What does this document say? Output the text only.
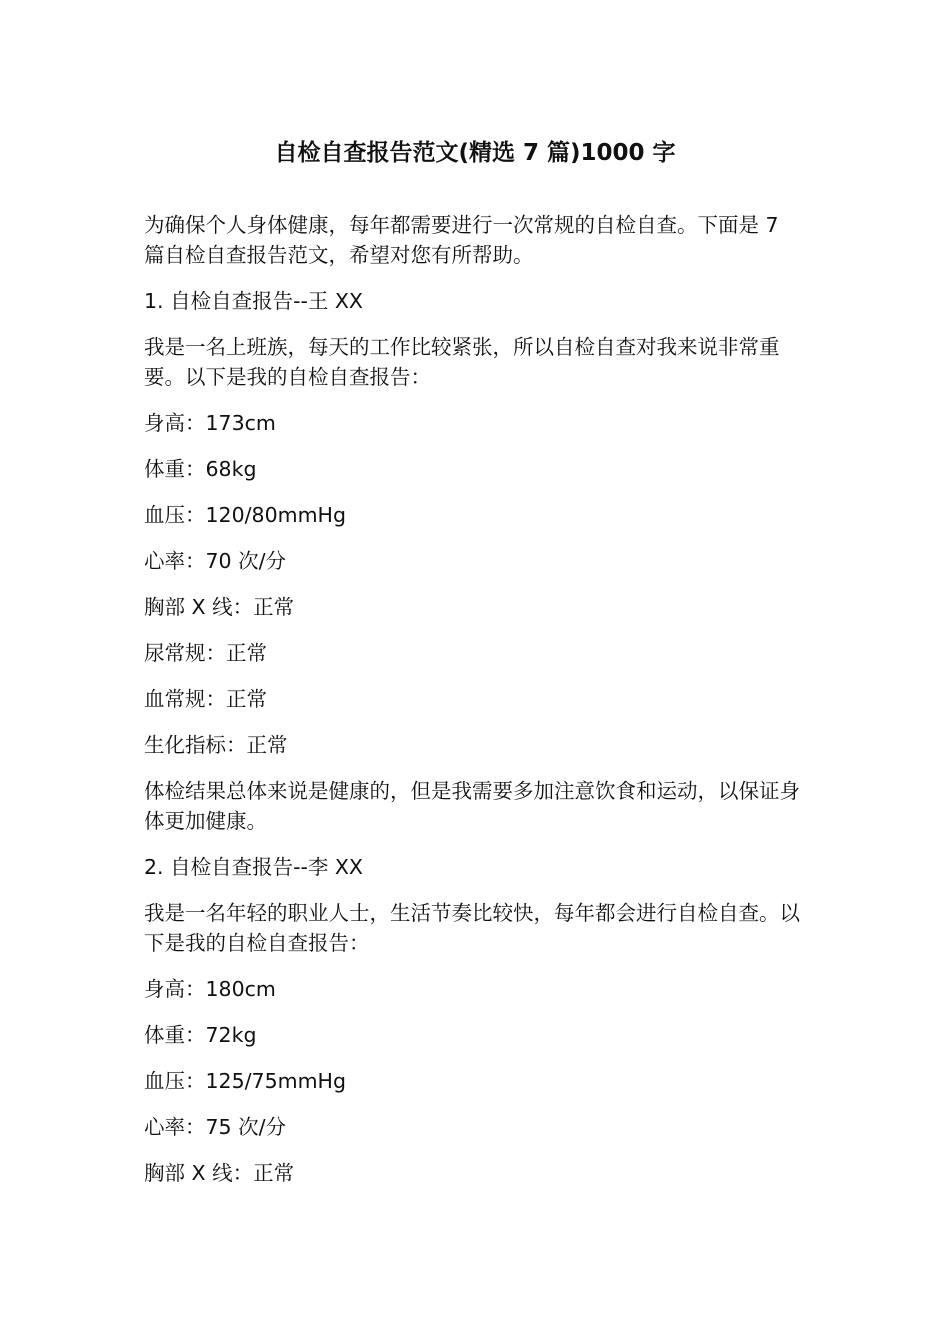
自检自查报告范文(精选 7 篇)1000 字

为确保个人身体健康，每年都需要进行一次常规的自检自查。下面是 7 篇自检自查报告范文，希望对您有所帮助。

1. 自检自查报告--王 XX

我是一名上班族，每天的工作比较紧张，所以自检自查对我来说非常重要。以下是我的自检自查报告：

身高：173cm

体重：68kg

血压：120/80mmHg

心率：70 次/分

胸部 X 线：正常

尿常规：正常

血常规：正常

生化指标：正常

体检结果总体来说是健康的，但是我需要多加注意饮食和运动，以保证身体更加健康。

2. 自检自查报告--李 XX

我是一名年轻的职业人士，生活节奏比较快，每年都会进行自检自查。以下是我的自检自查报告：

身高：180cm

体重：72kg

血压：125/75mmHg

心率：75 次/分

胸部 X 线：正常
